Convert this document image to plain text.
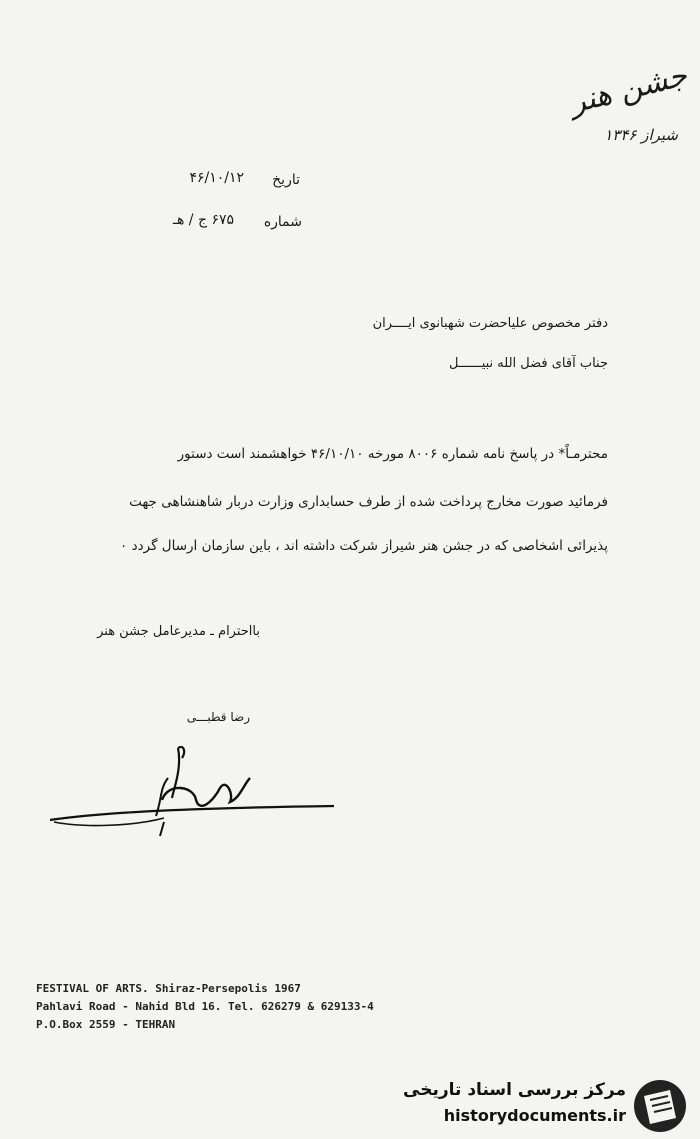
جشن هنر
شیراز ۱۳۴۶
تاریخ
۴۶/۱۰/۱۲
شماره
۶۷۵ ج / هـ
دفتر مخصوص علیاحضرت شهبانوی ایــــران
جناب آقای فضل الله نبیــــــل
محترمـاً* در پاسخ نامه شماره ۸۰۰۶ مورخه ۴۶/۱۰/۱۰ خواهشمند است دستور
فرمائید صورت مخارج پرداخت شده از طرف حسابداری وزارت دربار شاهنشاهی جهت
پذیرائی اشخاصی که در جشن هنر شیراز شرکت داشته اند ، باین سازمان ارسال گردد ۰
بااحترام ـ مدیرعامل جشن هنر
رضا قطبـــی
FESTIVAL OF ARTS. Shiraz-Persepolis 1967
Pahlavi Road - Nahid Bld 16. Tel. 626279 & 629133-4
P.O.Box 2559 - TEHRAN
مرکز بررسی اسناد تاریخی
historydocuments.ir
